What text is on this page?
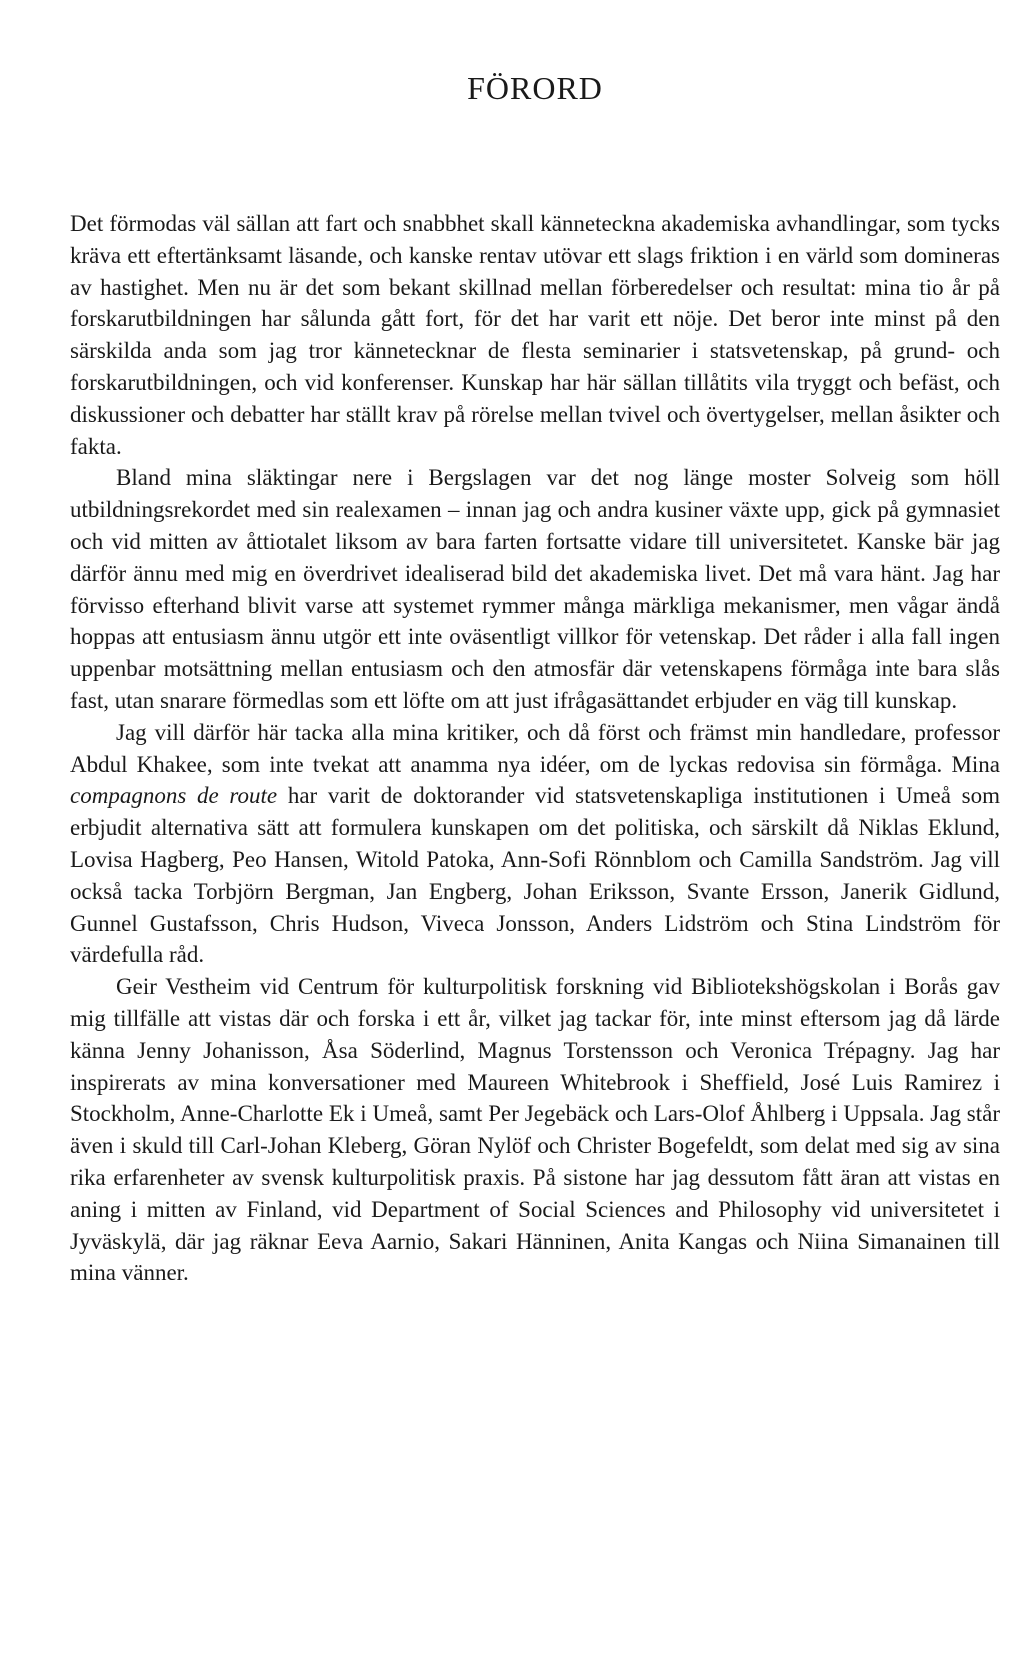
FÖRORD

Det förmodas väl sällan att fart och snabbhet skall känneteckna akademiska avhandlingar, som tycks kräva ett eftertänksamt läsande, och kanske rentav utövar ett slags friktion i en värld som domineras av hastighet. Men nu är det som bekant skillnad mellan förberedelser och resultat: mina tio år på forskarutbildningen har sålunda gått fort, för det har varit ett nöje. Det beror inte minst på den särskilda anda som jag tror kännetecknar de flesta seminarier i statsvetenskap, på grund- och forskarutbildningen, och vid konferenser. Kunskap har här sällan tillåtits vila tryggt och befäst, och diskussioner och debatter har ställt krav på rörelse mellan tvivel och övertygelser, mellan åsikter och fakta.

Bland mina släktingar nere i Bergslagen var det nog länge moster Solveig som höll utbildningsrekordet med sin realexamen – innan jag och andra kusiner växte upp, gick på gymnasiet och vid mitten av åttiotalet liksom av bara farten fortsatte vidare till universitetet. Kanske bär jag därför ännu med mig en överdrivet idealiserad bild det akademiska livet. Det må vara hänt. Jag har förvisso efterhand blivit varse att systemet rymmer många märkliga mekanismer, men vågar ändå hoppas att entusiasm ännu utgör ett inte oväsentligt villkor för vetenskap. Det råder i alla fall ingen uppenbar motsättning mellan entusiasm och den atmosfär där vetenskapens förmåga inte bara slås fast, utan snarare förmedlas som ett löfte om att just ifrågasättandet erbjuder en väg till kunskap.

Jag vill därför här tacka alla mina kritiker, och då först och främst min handledare, professor Abdul Khakee, som inte tvekat att anamma nya idéer, om de lyckas redovisa sin förmåga. Mina compagnons de route har varit de doktorander vid statsvetenskapliga institutionen i Umeå som erbjudit alternativa sätt att formulera kunskapen om det politiska, och särskilt då Niklas Eklund, Lovisa Hagberg, Peo Hansen, Witold Patoka, Ann-Sofi Rönnblom och Camilla Sandström. Jag vill också tacka Torbjörn Bergman, Jan Engberg, Johan Eriksson, Svante Ersson, Janerik Gidlund, Gunnel Gustafsson, Chris Hudson, Viveca Jonsson, Anders Lidström och Stina Lindström för värdefulla råd.

Geir Vestheim vid Centrum för kulturpolitisk forskning vid Bibliotekshögskolan i Borås gav mig tillfälle att vistas där och forska i ett år, vilket jag tackar för, inte minst eftersom jag då lärde känna Jenny Johanisson, Åsa Söderlind, Magnus Torstensson och Veronica Trépagny. Jag har inspirerats av mina konversationer med Maureen Whitebrook i Sheffield, José Luis Ramirez i Stockholm, Anne-Charlotte Ek i Umeå, samt Per Jegebäck och Lars-Olof Åhlberg i Uppsala. Jag står även i skuld till Carl-Johan Kleberg, Göran Nylöf och Christer Bogefeldt, som delat med sig av sina rika erfarenheter av svensk kulturpolitisk praxis. På sistone har jag dessutom fått äran att vistas en aning i mitten av Finland, vid Department of Social Sciences and Philosophy vid universitetet i Jyväskylä, där jag räknar Eeva Aarnio, Sakari Hänninen, Anita Kangas och Niina Simanainen till mina vänner.
